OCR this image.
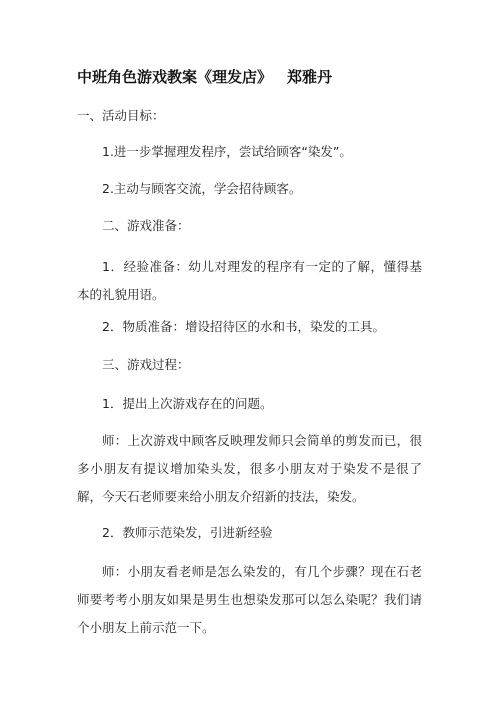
中班角色游戏教案《理发店》 郑雅丹
一、活动目标：
1.进一步掌握理发程序，尝试给顾客“染发”。
2.主动与顾客交流，学会招待顾客。
二、游戏准备：
1．经验准备：幼儿对理发的程序有一定的了解，懂得基本的礼貌用语。
2．物质准备：增设招待区的水和书，染发的工具。
三、游戏过程：
1．提出上次游戏存在的问题。
师：上次游戏中顾客反映理发师只会简单的剪发而已，很多小朋友有提议增加染头发，很多小朋友对于染发不是很了解，今天石老师要来给小朋友介绍新的技法，染发。
2．教师示范染发，引进新经验
师：小朋友看老师是怎么染发的，有几个步骤？现在石老师要考考小朋友如果是男生也想染发那可以怎么染呢？我们请个小朋友上前示范一下。
